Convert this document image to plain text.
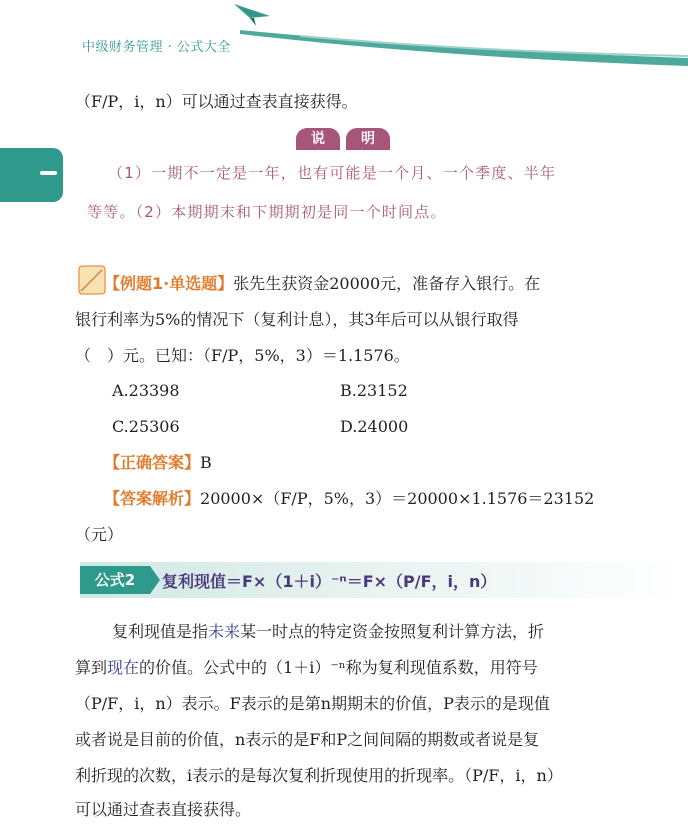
中级财务管理 · 公式大全
（F/P，i，n）可以通过查表直接获得。
说	明
（1）一期不一定是一年，也有可能是一个月、一个季度、半年
等等。（2）本期期末和下期期初是同一个时间点。
【例题1·单选题】张先生获资金20000元，准备存入银行。在
银行利率为5%的情况下（复利计息），其3年后可以从银行取得
（　）元。已知：（F/P，5%，3）＝1.1576。
A.23398	B.23152
C.25306	D.24000
【正确答案】B
【答案解析】20000×（F/P，5%，3）＝20000×1.1576＝23152
（元）
公式2	复利现值＝F×（1＋i）⁻ⁿ＝F×（P/F，i，n）
复利现值是指未来某一时点的特定资金按照复利计算方法，折
算到现在的价值。公式中的（1＋i）⁻ⁿ称为复利现值系数，用符号
（P/F，i，n）表示。F表示的是第n期期末的价值，P表示的是现值
或者说是目前的价值，n表示的是F和P之间间隔的期数或者说是复
利折现的次数，i表示的是每次复利折现使用的折现率。（P/F，i，n）
可以通过查表直接获得。
